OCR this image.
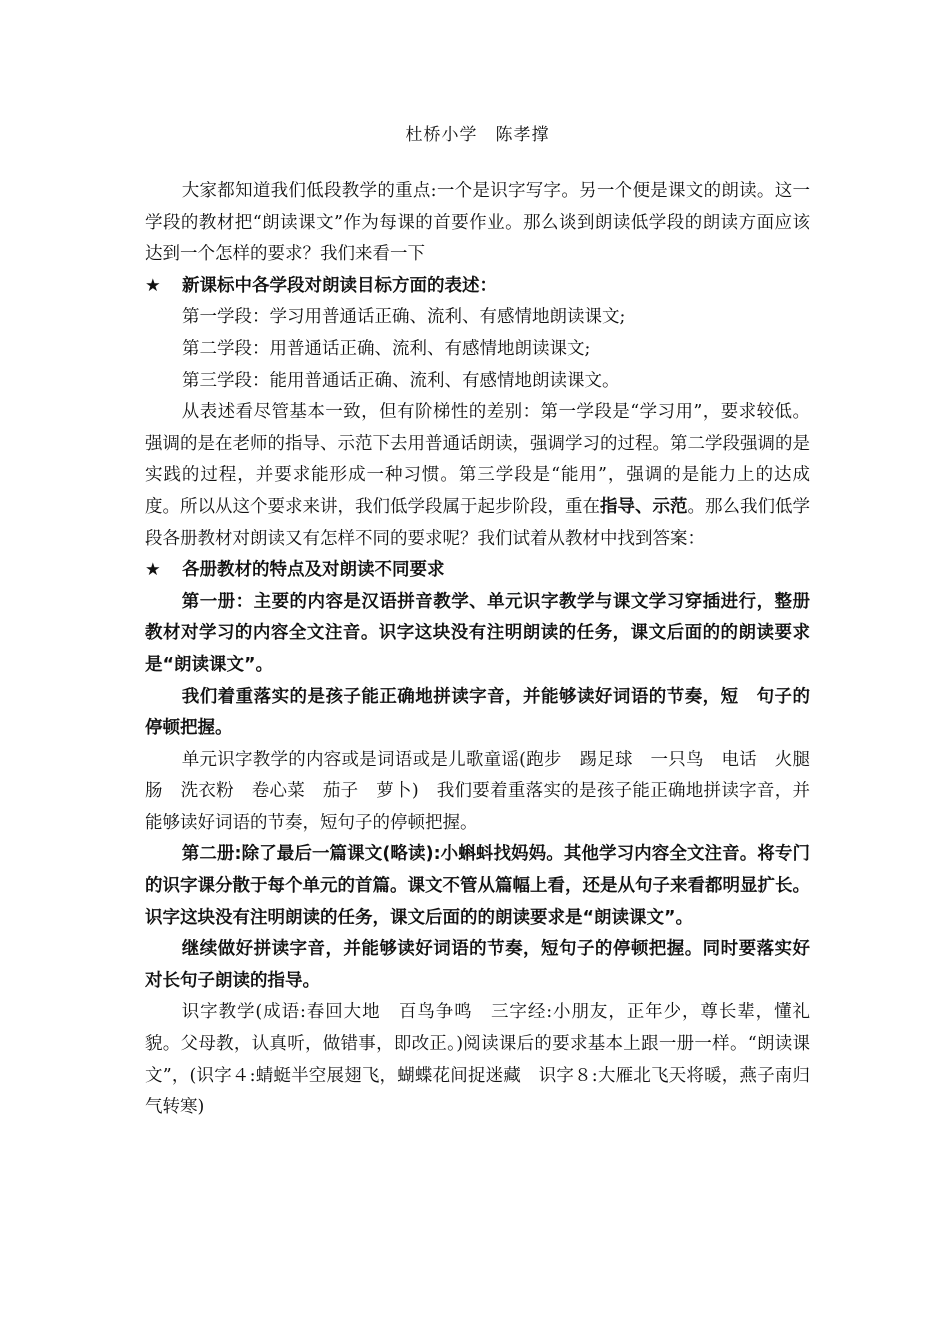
杜桥小学　陈孝撑

大家都知道我们低段教学的重点:一个是识字写字。另一个便是课文的朗读。这一学段的教材把“朗读课文”作为每课的首要作业。那么谈到朗读低学段的朗读方面应该达到一个怎样的要求？我们来看一下

★	新课标中各学段对朗读目标方面的表述：

第一学段：学习用普通话正确、流利、有感情地朗读课文;

第二学段：用普通话正确、流利、有感情地朗读课文;

第三学段：能用普通话正确、流利、有感情地朗读课文。

从表述看尽管基本一致，但有阶梯性的差别：第一学段是“学习用”，要求较低。强调的是在老师的指导、示范下去用普通话朗读，强调学习的过程。第二学段强调的是实践的过程，并要求能形成一种习惯。第三学段是“能用”，强调的是能力上的达成度。所以从这个要求来讲，我们低学段属于起步阶段，重在指导、示范。那么我们低学段各册教材对朗读又有怎样不同的要求呢？我们试着从教材中找到答案：

★	各册教材的特点及对朗读不同要求

第一册：主要的内容是汉语拼音教学、单元识字教学与课文学习穿插进行，整册教材对学习的内容全文注音。识字这块没有注明朗读的任务，课文后面的的朗读要求是“朗读课文”。

我们着重落实的是孩子能正确地拼读字音，并能够读好词语的节奏，短　句子的停顿把握。

单元识字教学的内容或是词语或是儿歌童谣(跑步　踢足球　一只鸟　电话　火腿肠　洗衣粉　卷心菜　茄子　萝卜)　我们要着重落实的是孩子能正确地拼读字音，并能够读好词语的节奏，短句子的停顿把握。

第二册:除了最后一篇课文(略读):小蝌蚪找妈妈。其他学习内容全文注音。将专门的识字课分散于每个单元的首篇。课文不管从篇幅上看，还是从句子来看都明显扩长。识字这块没有注明朗读的任务，课文后面的的朗读要求是“朗读课文”。

继续做好拼读字音，并能够读好词语的节奏，短句子的停顿把握。同时要落实好对长句子朗读的指导。

识字教学(成语:春回大地　百鸟争鸣　三字经:小朋友，正年少，尊长辈，懂礼貌。父母教，认真听，做错事，即改正。)阅读课后的要求基本上跟一册一样。“朗读课文”，(识字４:蜻蜓半空展翅飞，蝴蝶花间捉迷藏　识字８:大雁北飞天将暖，燕子南归气转寒)
